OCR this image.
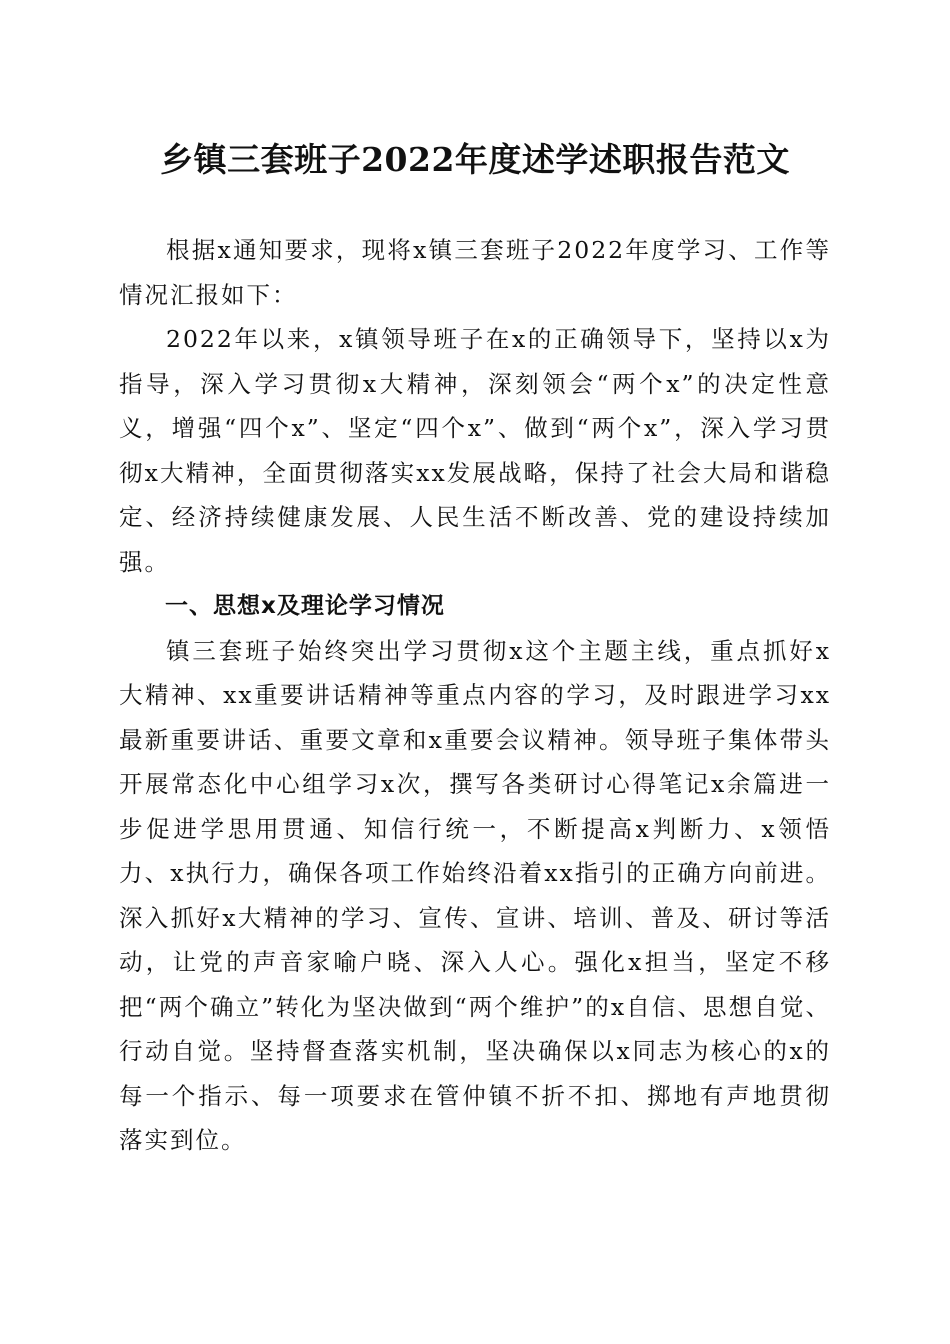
乡镇三套班子2022年度述学述职报告范文

根据x通知要求，现将x镇三套班子2022年度学习、工作等情况汇报如下：

2022年以来，x镇领导班子在x的正确领导下，坚持以x为指导，深入学习贯彻x大精神，深刻领会“两个x”的决定性意义，增强“四个x”、坚定“四个x”、做到“两个x”，深入学习贯彻x大精神，全面贯彻落实xx发展战略，保持了社会大局和谐稳定、经济持续健康发展、人民生活不断改善、党的建设持续加强。

一、思想x及理论学习情况

镇三套班子始终突出学习贯彻x这个主题主线，重点抓好x大精神、xx重要讲话精神等重点内容的学习，及时跟进学习xx最新重要讲话、重要文章和x重要会议精神。领导班子集体带头开展常态化中心组学习x次，撰写各类研讨心得笔记x余篇进一步促进学思用贯通、知信行统一，不断提高x判断力、x领悟力、x执行力，确保各项工作始终沿着xx指引的正确方向前进。深入抓好x大精神的学习、宣传、宣讲、培训、普及、研讨等活动，让党的声音家喻户晓、深入人心。强化x担当，坚定不移把“两个确立”转化为坚决做到“两个维护”的x自信、思想自觉、行动自觉。坚持督查落实机制，坚决确保以x同志为核心的x的每一个指示、每一项要求在管仲镇不折不扣、掷地有声地贯彻落实到位。
